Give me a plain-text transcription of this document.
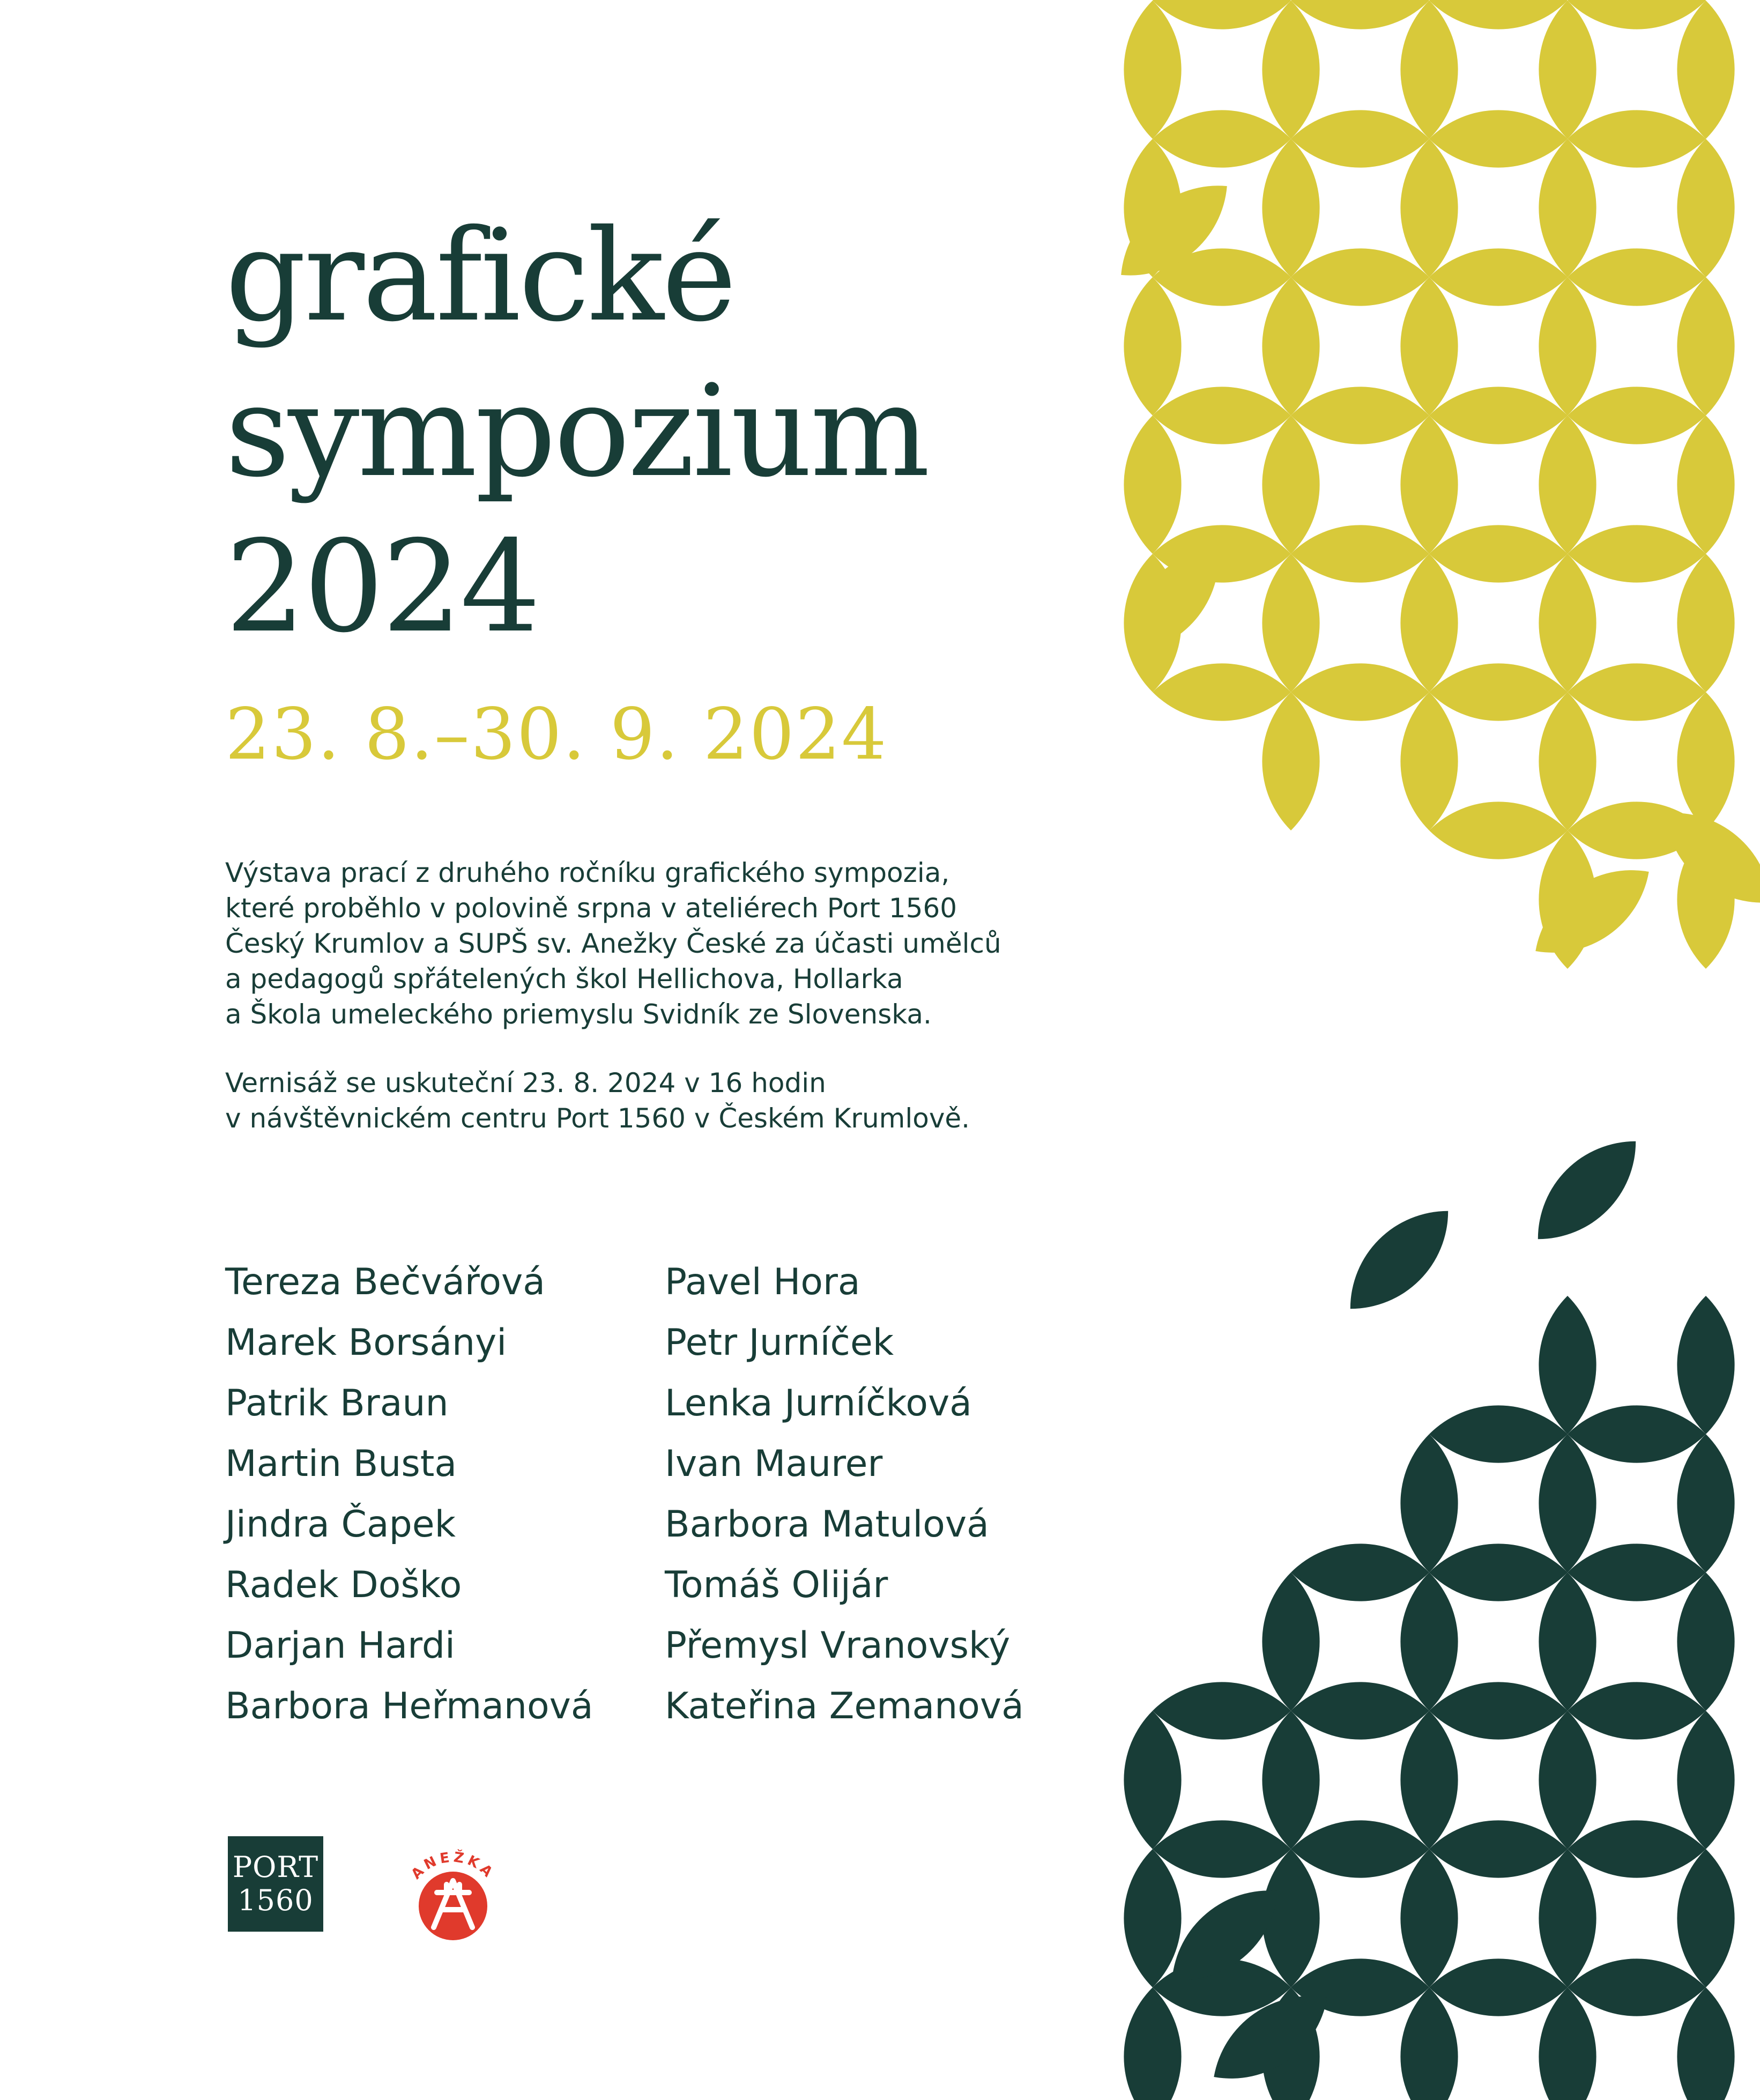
grafické
sympozium
2024
23. 8.–30. 9. 2024

Výstava prací z druhého ročníku grafického sympozia,
které proběhlo v polovině srpna v ateliérech Port 1560
Český Krumlov a SUPŠ sv. Anežky České za účasti umělců
a pedagogů spřátelených škol Hellichova, Hollarka
a Škola umeleckého priemyslu Svidník ze Slovenska.

Vernisáž se uskuteční 23. 8. 2024 v 16 hodin
v návštěvnickém centru Port 1560 v Českém Krumlově.

Tereza Bečvářová
Marek Borsányi
Patrik Braun
Martin Busta
Jindra Čapek
Radek Doško
Darjan Hardi
Barbora Heřmanová
Pavel Hora
Petr Jurníček
Lenka Jurníčková
Ivan Maurer
Barbora Matulová
Tomáš Olijár
Přemysl Vranovský
Kateřina Zemanová
PORT
1560
ANEŽKA
